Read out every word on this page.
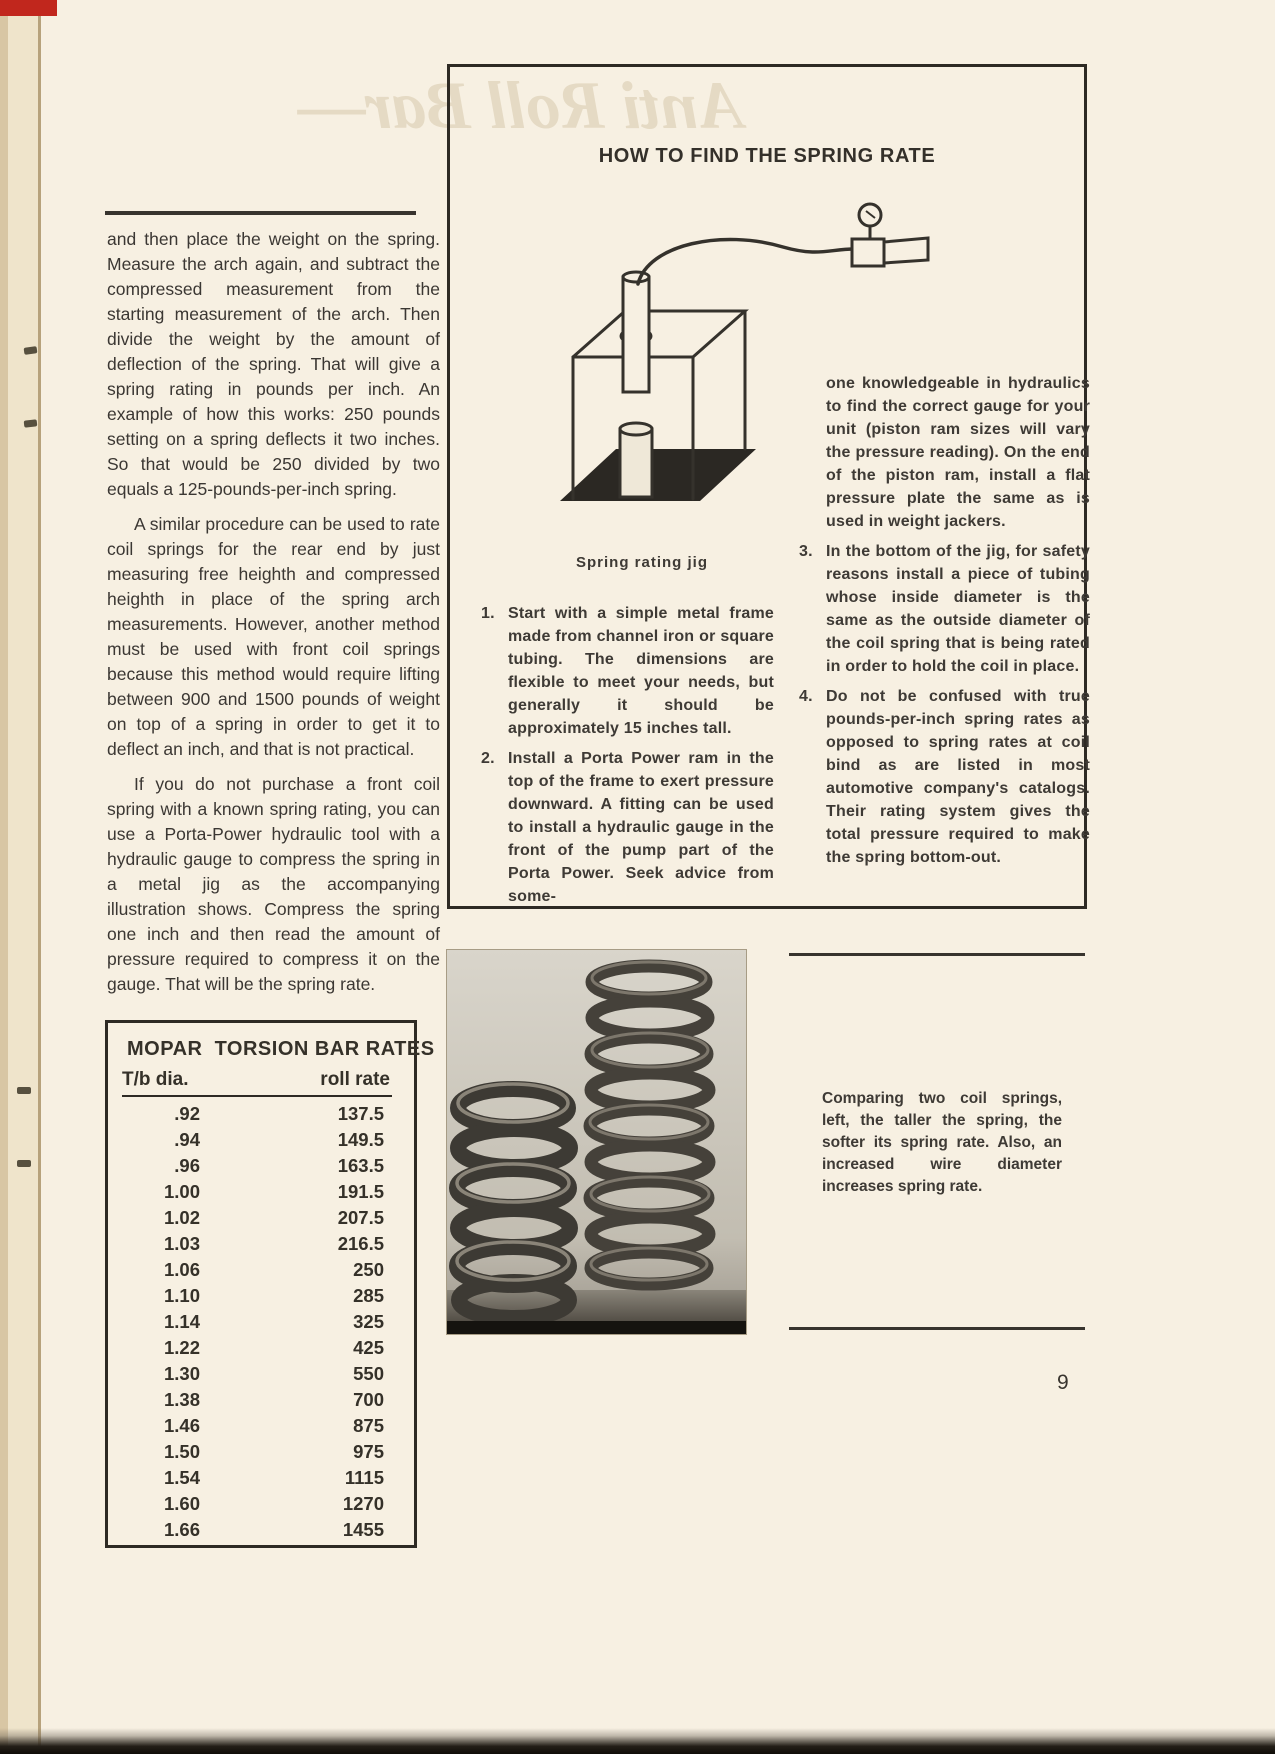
Anti Roll Bar—

and then place the weight on the spring. Measure the arch again, and subtract the compressed measurement from the starting measurement of the arch. Then divide the weight by the amount of deflection of the spring. That will give a spring rating in pounds per inch. An example of how this works: 250 pounds setting on a spring deflects it two inches. So that would be 250 divided by two equals a 125-pounds-per-inch spring.

A similar procedure can be used to rate coil springs for the rear end by just measuring free heighth and compressed heighth in place of the spring arch measurements. However, another method must be used with front coil springs because this method would require lifting between 900 and 1500 pounds of weight on top of a spring in order to get it to deflect an inch, and that is not practical.

If you do not purchase a front coil spring with a known spring rating, you can use a Porta-Power hydraulic tool with a hydraulic gauge to compress the spring in a metal jig as the accompanying illustration shows. Compress the spring one inch and then read the amount of pressure required to compress it on the gauge. That will be the spring rate.

MOPAR  TORSION BAR RATES
T/b dia.	roll rate
.92	137.5
.94	149.5
.96	163.5
1.00	191.5
1.02	207.5
1.03	216.5
1.06	250
1.10	285
1.14	325
1.22	425
1.30	550
1.38	700
1.46	875
1.50	975
1.54	1115
1.60	1270
1.66	1455
HOW TO FIND THE SPRING RATE
Spring rating jig
1. Start with a simple metal frame made from channel iron or square tubing. The dimensions are flexible to meet your needs, but generally it should be approximately 15 inches tall.
2. Install a Porta Power ram in the top of the frame to exert pressure downward. A fitting can be used to install a hydraulic gauge in the front of the pump part of the Porta Power. Seek advice from some-
one knowledgeable in hydraulics to find the correct gauge for your unit (piston ram sizes will vary the pressure reading). On the end of the piston ram, install a flat pressure plate the same as is used in weight jackers.
3. In the bottom of the jig, for safety reasons install a piece of tubing whose inside diameter is the same as the outside diameter of the coil spring that is being rated in order to hold the coil in place.
4. Do not be confused with true pounds-per-inch spring rates as opposed to spring rates at coil bind as are listed in most automotive company's catalogs. Their rating system gives the total pressure required to make the spring bottom-out.
Comparing two coil springs, left, the taller the spring, the softer its spring rate. Also, an increased wire diameter increases spring rate.
9
